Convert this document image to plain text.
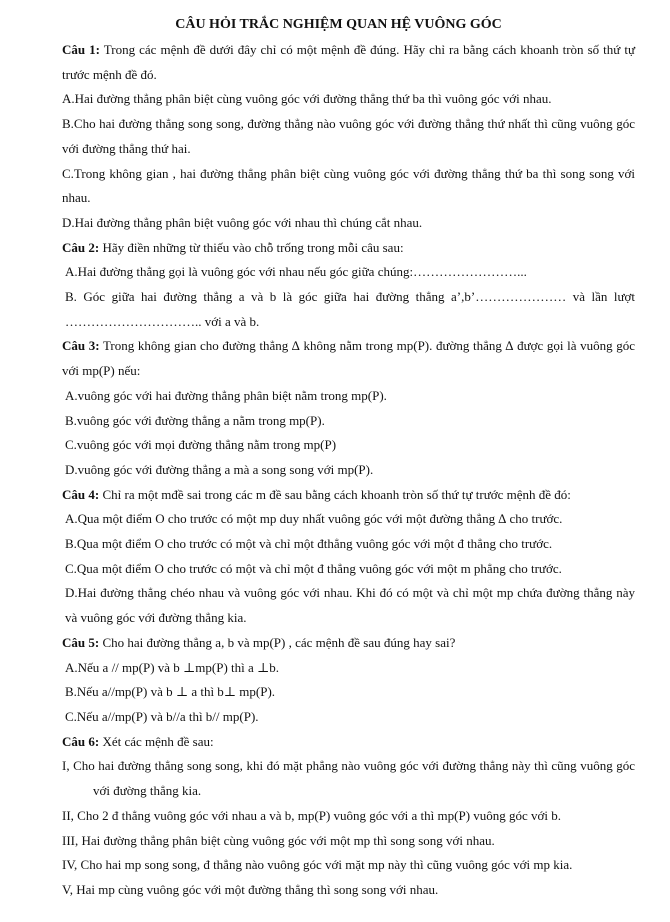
CÂU HỎI TRẮC NGHIỆM QUAN HỆ VUÔNG GÓC
Câu 1: Trong các mệnh đề dưới đây chỉ có một mệnh đề đúng. Hãy chỉ ra bằng cách khoanh tròn số thứ tự trước mệnh đề đó.
A.Hai đường thẳng phân biệt cùng vuông góc với đường thẳng thứ ba thì vuông góc với nhau.
B.Cho hai đường thẳng song song, đường thẳng nào vuông góc với đường thẳng thứ nhất thì cũng vuông góc với đường thẳng thứ hai.
C.Trong không gian , hai đường thẳng phân biệt cùng vuông góc với đường thẳng thứ ba thì song song với nhau.
D.Hai đường thẳng phân biệt vuông góc với nhau thì chúng cắt nhau.
Câu 2: Hãy điền những từ thiếu vào chỗ trống trong mỗi câu sau:
A.Hai đường thẳng gọi là vuông góc với nhau nếu góc giữa chúng:……………………...
B. Góc giữa hai đường thẳng a và b là góc giữa hai đường thẳng a’,b’………………… và lần lượt ………………………….. với a và b.
Câu 3: Trong không gian cho đường thẳng ∆ không nằm trong mp(P). đường thẳng ∆ được gọi là vuông góc với mp(P) nếu:
A.vuông góc với hai đường thẳng phân biệt nằm trong mp(P).
B.vuông góc với đường thẳng a nằm trong mp(P).
C.vuông góc với mọi đường thẳng nằm trong mp(P)
D.vuông góc với đường thẳng a mà a song song với mp(P).
Câu 4: Chỉ ra một mđề sai trong các m đề sau bằng cách khoanh tròn số thứ tự trước mệnh đề đó:
A.Qua một điểm O cho trước có một mp duy nhất vuông góc với một đường thẳng ∆ cho trước.
B.Qua một điểm O cho trước có một và chỉ một đthẳng vuông góc với một đ thẳng cho trước.
C.Qua một điểm O cho trước có một và chỉ một đ thẳng vuông góc với một m phẳng cho trước.
D.Hai đường thẳng chéo nhau và vuông góc với nhau. Khi đó có một và chỉ một mp chứa đường thẳng này và vuông góc với đường thẳng kia.
Câu 5: Cho hai đường thẳng a, b và mp(P) , các mệnh đề sau đúng hay sai?
A.Nếu a // mp(P) và b ⊥mp(P) thì a ⊥b.
B.Nếu a//mp(P) và b ⊥ a thì b⊥ mp(P).
C.Nếu a//mp(P) và b//a thì b// mp(P).
Câu 6: Xét các mệnh đề sau:
I, Cho hai đường thẳng song song, khi đó mặt phẳng nào vuông góc với đường thẳng này thì cũng vuông góc với đường thẳng kia.
II, Cho 2 đ thẳng vuông góc với nhau a và b, mp(P) vuông góc với a thì mp(P) vuông góc với b.
III, Hai đường thẳng phân biệt cùng vuông góc với một mp thì song song với nhau.
IV, Cho hai mp song song, đ thẳng nào vuông góc với mặt mp này thì cũng vuông góc với mp kia.
V, Hai mp cùng vuông góc với một đường thẳng thì song song với nhau.
